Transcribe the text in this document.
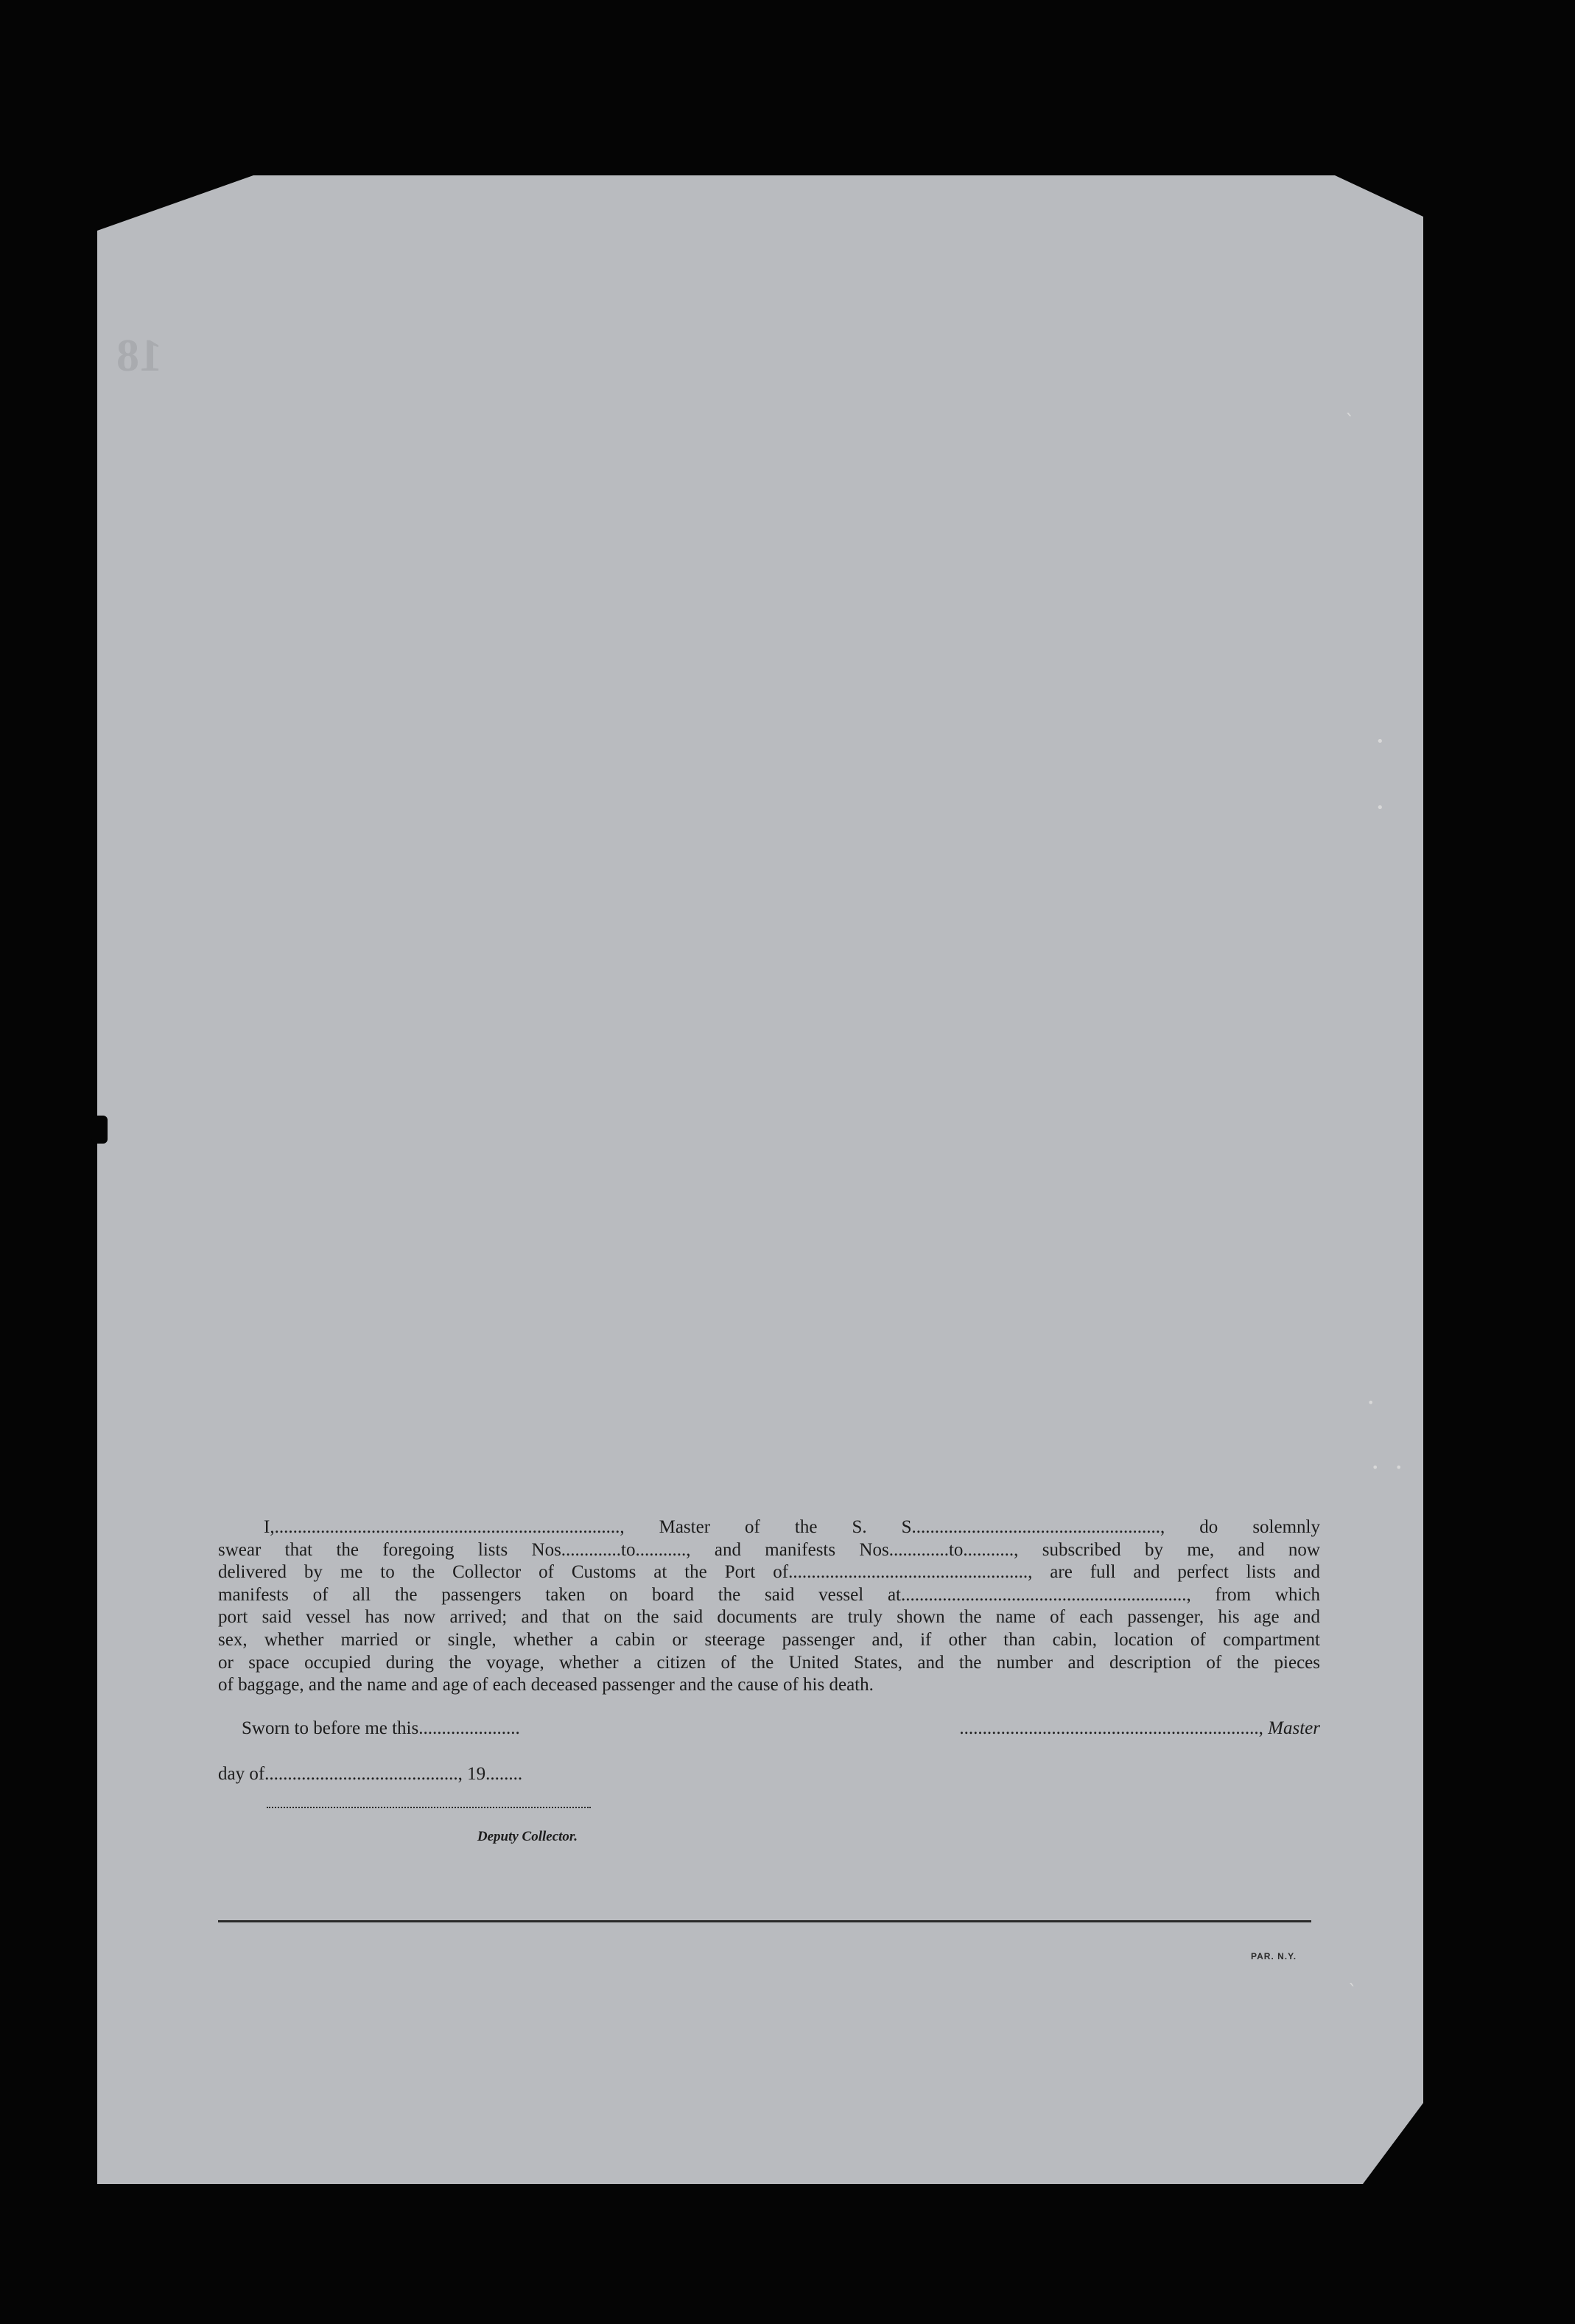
18
I,..........................................................................., Master of the S. S......................................................, do solemnly
swear that the foregoing lists Nos.............to..........., and manifests Nos.............to..........., subscribed by me, and now
delivered by me to the Collector of Customs at the Port of...................................................., are full and perfect lists and
manifests of all the passengers taken on board the said vessel at.............................................................., from which
port said vessel has now arrived; and that on the said documents are truly shown the name of each passenger, his age and
sex, whether married or single, whether a cabin or steerage passenger and, if other than cabin, location of compartment
or space occupied during the voyage, whether a citizen of the United States, and the number and description of the pieces
of baggage, and the name and age of each deceased passenger and the cause of his death.
Sworn to before me this......................
day of.........................................., 19........
................................................................., Master
Deputy Collector.
PAR. N.Y.
ˎ
•
•
•
• •
ˎ
